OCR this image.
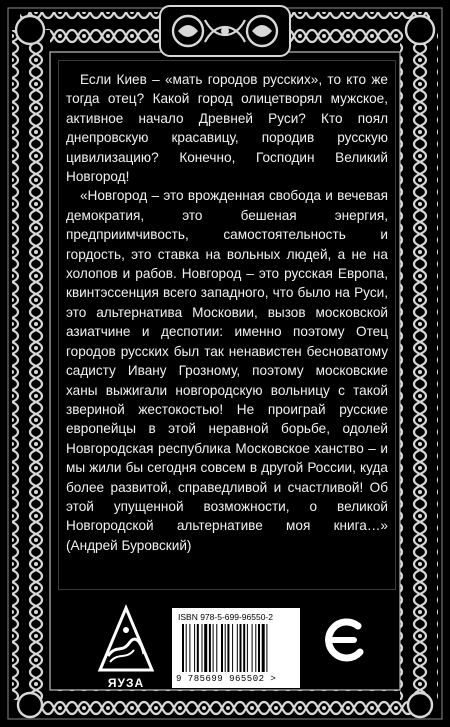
Если Киев – «мать городов русских», то кто же тогда отец? Какой город олицетворял мужское, активное начало Древней Руси? Кто поял днепровскую красавицу, породив русскую цивилизацию? Конечно, Господин Великий Новгород!

«Новгород – это врожденная свобода и вечевая демократия, это бешеная энергия, предприимчивость, самостоятельность и гордость, это ставка на вольных людей, а не на холопов и рабов. Новгород – это русская Европа, квинтэссенция всего западного, что было на Руси, это альтернатива Московии, вызов московской азиатчине и деспотии: именно поэтому Отец городов русских был так ненавистен бесноватому садисту Ивану Грозному, поэтому московские ханы выжигали новгородскую вольницу с такой звериной жестокостью! Не проиграй русские европейцы в этой неравной борьбе, одолей Новгородская республика Московское ханство – и мы жили бы сегодня совсем в другой России, куда более развитой, справедливой и счастливой! Об этой упущенной возможности, о великой Новгородской альтернативе моя книга…» (Андрей Буровский)

ЯУЗА
ISBN 978-5-699-96550-2
9 785699 965502 >
